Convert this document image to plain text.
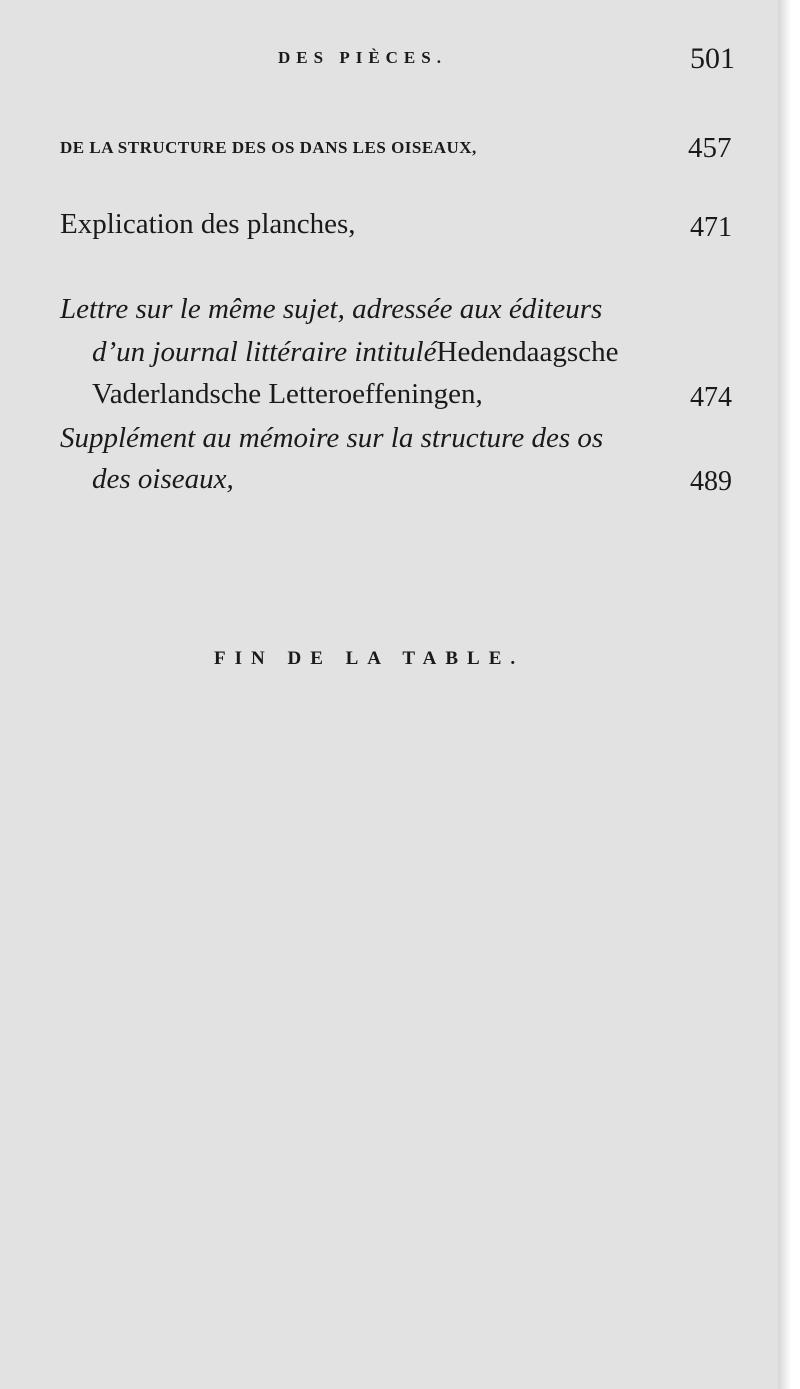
DES PIÈCES.	501
DE LA STRUCTURE DES OS DANS LES OISEAUX,	457
Explication des planches,	471
Lettre sur le même sujet, adressée aux éditeurs
d’un journal littéraire intituléHedendaagsche
Vaderlandsche Letteroeffeningen,	474
Supplément au mémoire sur la structure des os
des oiseaux,	489
FIN DE LA TABLE.
